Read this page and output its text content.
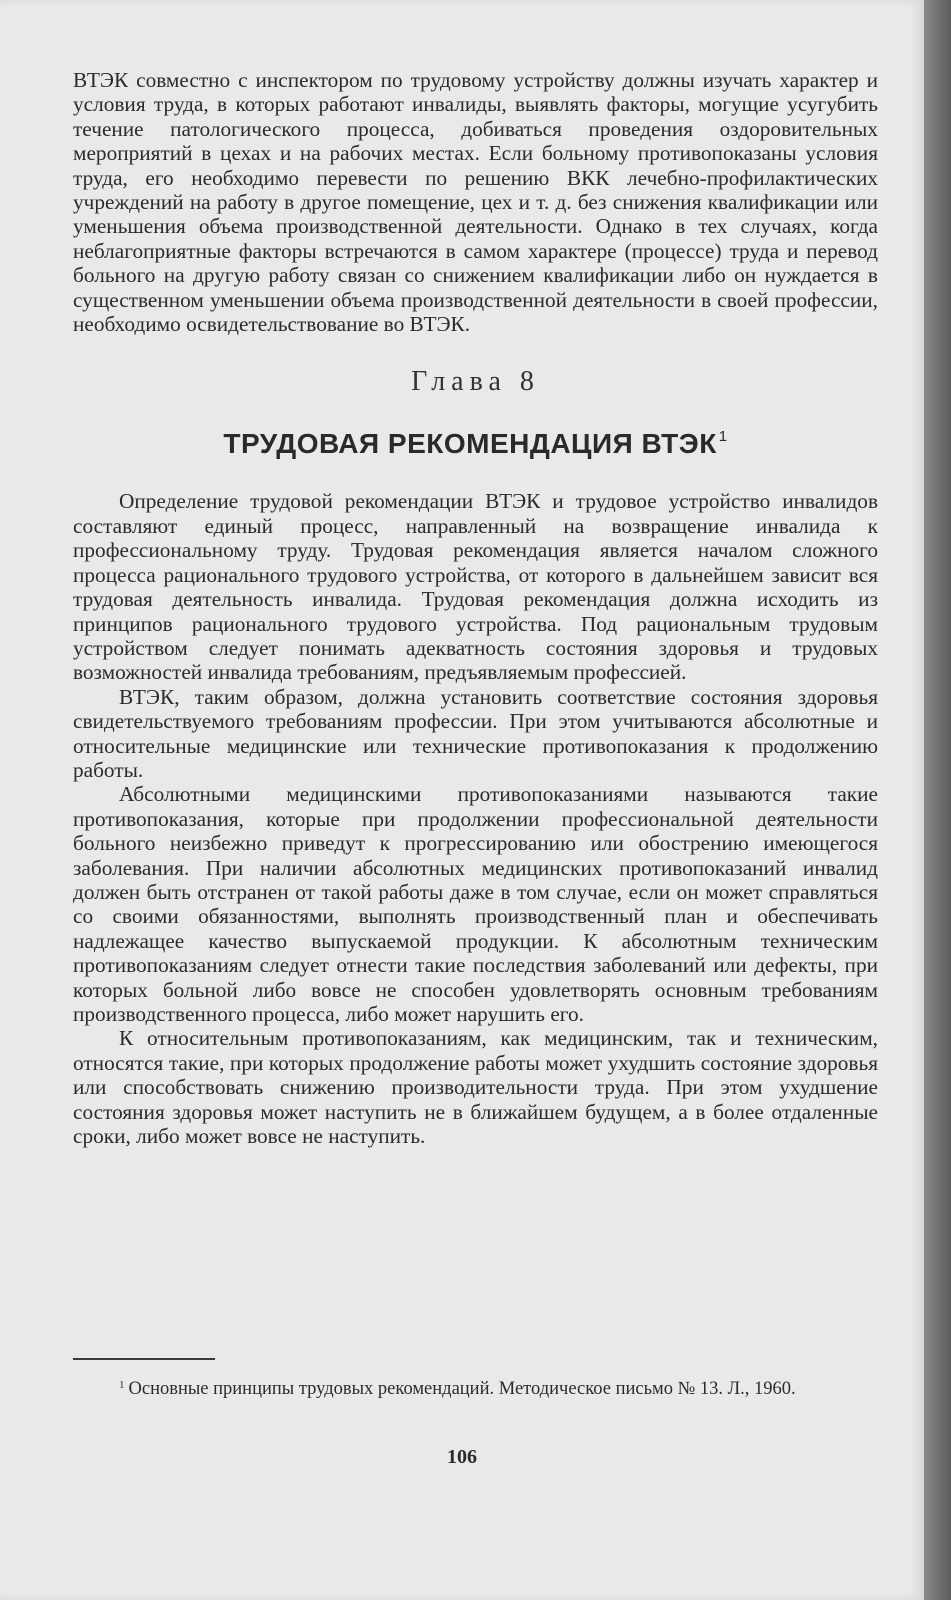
ВТЭК совместно с инспектором по трудовому устройству должны изучать характер и условия труда, в которых работают инвалиды, выявлять факторы, могущие усугубить течение патологического процесса, добиваться проведения оздоровительных мероприятий в цехах и на рабочих местах. Если больному противопоказаны условия труда, его необходимо перевести по решению ВКК лечебно-профилактических учреждений на работу в другое помещение, цех и т. д. без снижения квалификации или уменьшения объема производственной деятельности. Однако в тех случаях, когда неблагоприятные факторы встречаются в самом характере (процессе) труда и перевод больного на другую работу связан со снижением квалификации либо он нуждается в существенном уменьшении объема производственной деятельности в своей профессии, необходимо освидетельствование во ВТЭК.

Глава 8
ТРУДОВАЯ РЕКОМЕНДАЦИЯ ВТЭК $^1$

Определение трудовой рекомендации ВТЭК и трудовое устройство инвалидов составляют единый процесс, направленный на возвращение инвалида к профессиональному труду. Трудовая рекомендация является началом сложного процесса рационального трудового устройства, от которого в дальнейшем зависит вся трудовая деятельность инвалида. Трудовая рекомендация должна исходить из принципов рационального трудового устройства. Под рациональным трудовым устройством следует понимать адекватность состояния здоровья и трудовых возможностей инвалида требованиям, предъявляемым профессией.

ВТЭК, таким образом, должна установить соответствие состояния здоровья свидетельствуемого требованиям профессии. При этом учитываются абсолютные и относительные медицинские или технические противопоказания к продолжению работы.

Абсолютными медицинскими противопоказаниями называются такие противопоказания, которые при продолжении профессиональной деятельности больного неизбежно приведут к прогрессированию или обострению имеющегося заболевания. При наличии абсолютных медицинских противопоказаний инвалид должен быть отстранен от такой работы даже в том случае, если он может справляться со своими обязанностями, выполнять производственный план и обеспечивать надлежащее качество выпускаемой продукции. К абсолютным техническим противопоказаниям следует отнести такие последствия заболеваний или дефекты, при которых больной либо вовсе не способен удовлетворять основным требованиям производственного процесса, либо может нарушить его.

К относительным противопоказаниям, как медицинским, так и техническим, относятся такие, при которых продолжение работы может ухудшить состояние здоровья или способствовать снижению производительности труда. При этом ухудшение состояния здоровья может наступить не в ближайшем будущем, а в более отдаленные сроки, либо может вовсе не наступить.

$^1$ Основные принципы трудовых рекомендаций. Методическое письмо № 13. Л., 1960.
106
